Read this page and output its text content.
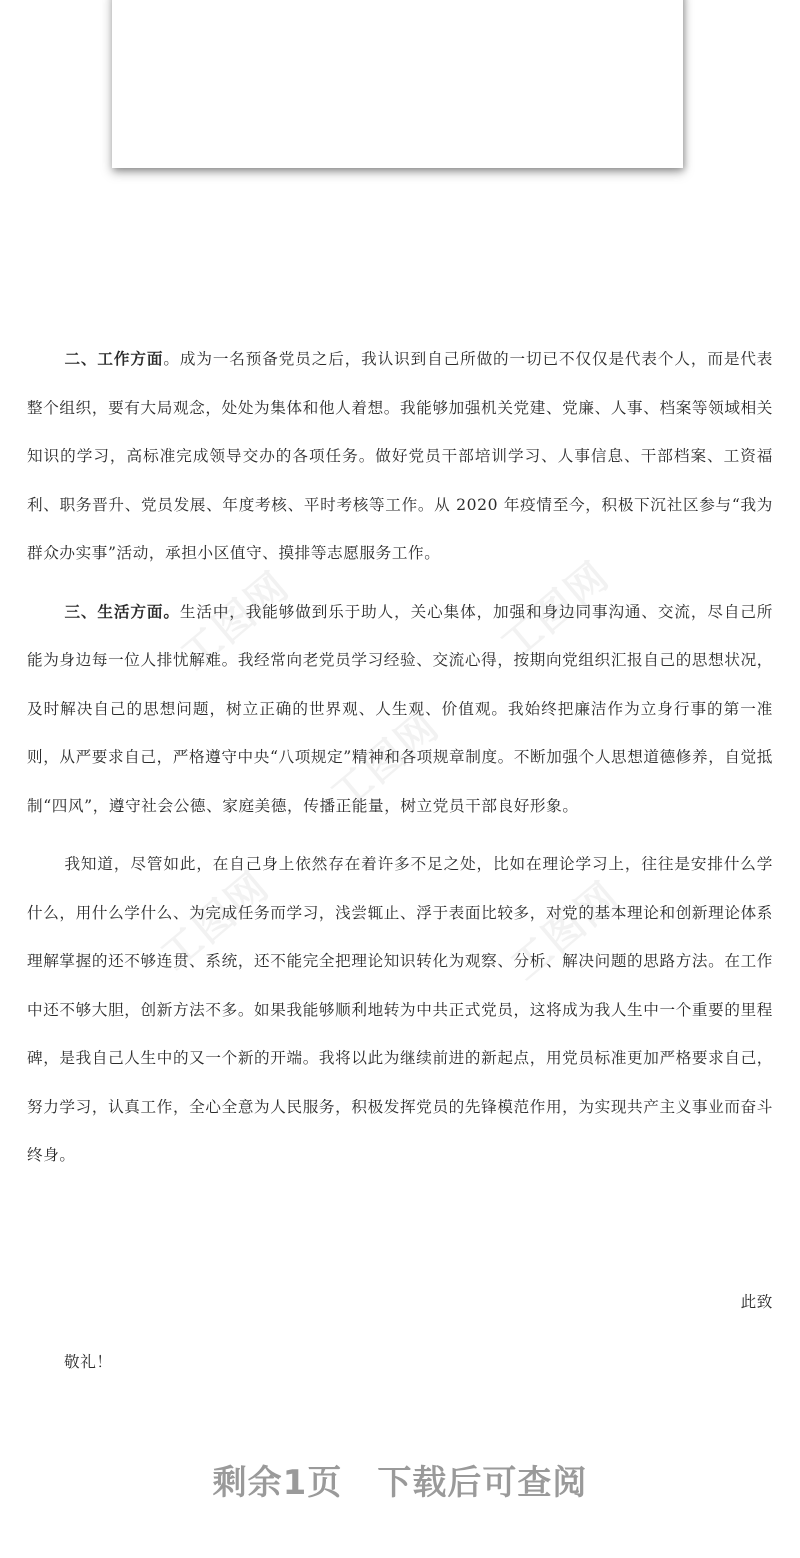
工图网	工图网
工图网
工图网	工图网

二、工作方面。成为一名预备党员之后，我认识到自己所做的一切已不仅仅是代表个人，而是代表整个组织，要有大局观念，处处为集体和他人着想。我能够加强机关党建、党廉、人事、档案等领域相关知识的学习，高标准完成领导交办的各项任务。做好党员干部培训学习、人事信息、干部档案、工资福利、职务晋升、党员发展、年度考核、平时考核等工作。从 2020 年疫情至今，积极下沉社区参与“我为群众办实事”活动，承担小区值守、摸排等志愿服务工作。

三、生活方面。生活中，我能够做到乐于助人，关心集体，加强和身边同事沟通、交流，尽自己所能为身边每一位人排忧解难。我经常向老党员学习经验、交流心得，按期向党组织汇报自己的思想状况，及时解决自己的思想问题，树立正确的世界观、人生观、价值观。我始终把廉洁作为立身行事的第一准则，从严要求自己，严格遵守中央“八项规定”精神和各项规章制度。不断加强个人思想道德修养，自觉抵制“四风”，遵守社会公德、家庭美德，传播正能量，树立党员干部良好形象。

我知道，尽管如此，在自己身上依然存在着许多不足之处，比如在理论学习上，往往是安排什么学什么，用什么学什么、为完成任务而学习，浅尝辄止、浮于表面比较多，对党的基本理论和创新理论体系理解掌握的还不够连贯、系统，还不能完全把理论知识转化为观察、分析、解决问题的思路方法。在工作中还不够大胆，创新方法不多。如果我能够顺利地转为中共正式党员，这将成为我人生中一个重要的里程碑，是我自己人生中的又一个新的开端。我将以此为继续前进的新起点，用党员标准更加严格要求自己，努力学习，认真工作，全心全意为人民服务，积极发挥党员的先锋模范作用，为实现共产主义事业而奋斗终身。

此致
敬礼！
剩余1页　下载后可查阅
